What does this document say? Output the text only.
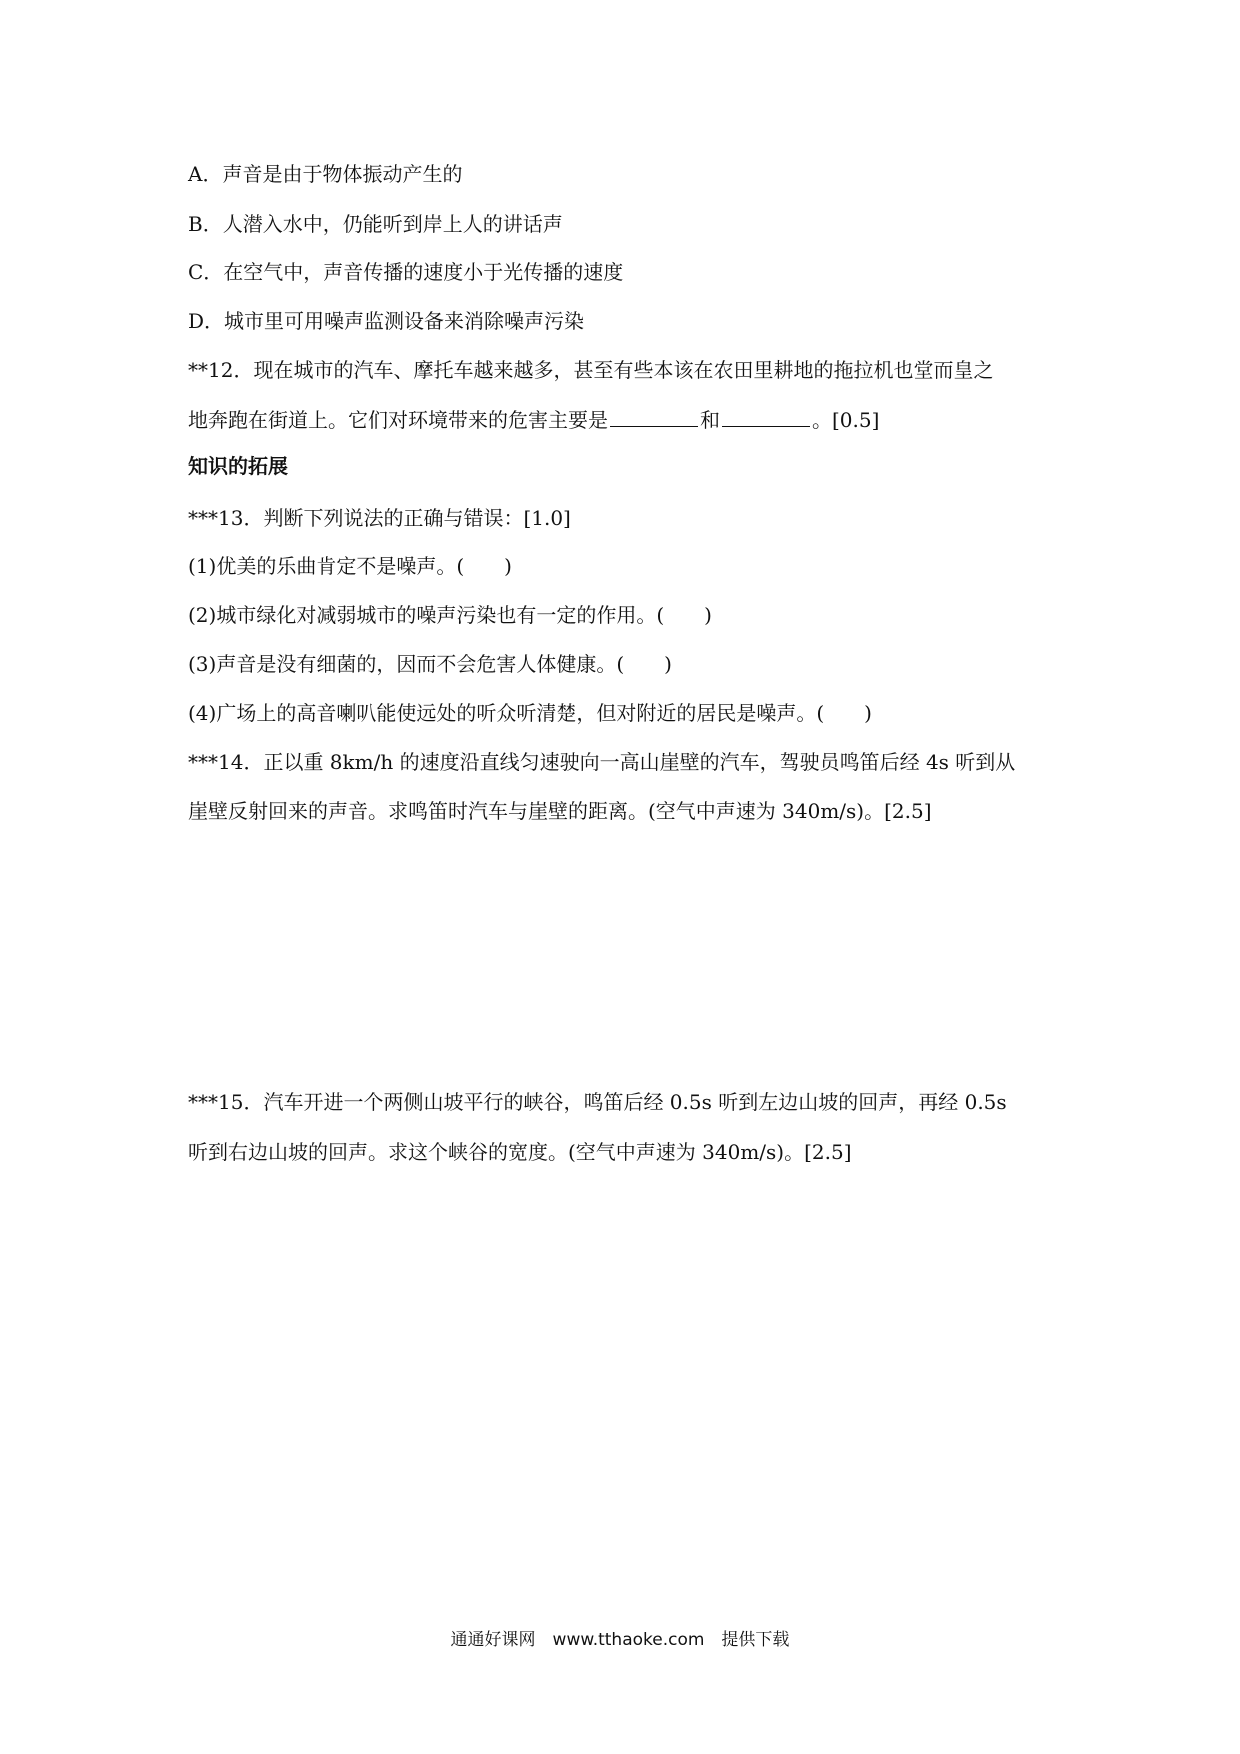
A．声音是由于物体振动产生的
B．人潜入水中，仍能听到岸上人的讲话声
C．在空气中，声音传播的速度小于光传播的速度
D．城市里可用噪声监测设备来消除噪声污染
**12．现在城市的汽车、摩托车越来越多，甚至有些本该在农田里耕地的拖拉机也堂而皇之
地奔跑在街道上。它们对环境带来的危害主要是	和	。[0.5]
知识的拓展
***13．判断下列说法的正确与错误：[1.0]
(1)优美的乐曲肯定不是噪声。(　　)
(2)城市绿化对减弱城市的噪声污染也有一定的作用。(　　)
(3)声音是没有细菌的，因而不会危害人体健康。(　　)
(4)广场上的高音喇叭能使远处的听众听清楚，但对附近的居民是噪声。(　　)
***14．正以重 8km/h 的速度沿直线匀速驶向一高山崖壁的汽车，驾驶员鸣笛后经 4s 听到从
崖壁反射回来的声音。求鸣笛时汽车与崖壁的距离。(空气中声速为 340m/s)。[2.5]
***15．汽车开进一个两侧山坡平行的峡谷，鸣笛后经 0.5s 听到左边山坡的回声，再经 0.5s
听到右边山坡的回声。求这个峡谷的宽度。(空气中声速为 340m/s)。[2.5]
通通好课网　www.tthaoke.com　提供下载
